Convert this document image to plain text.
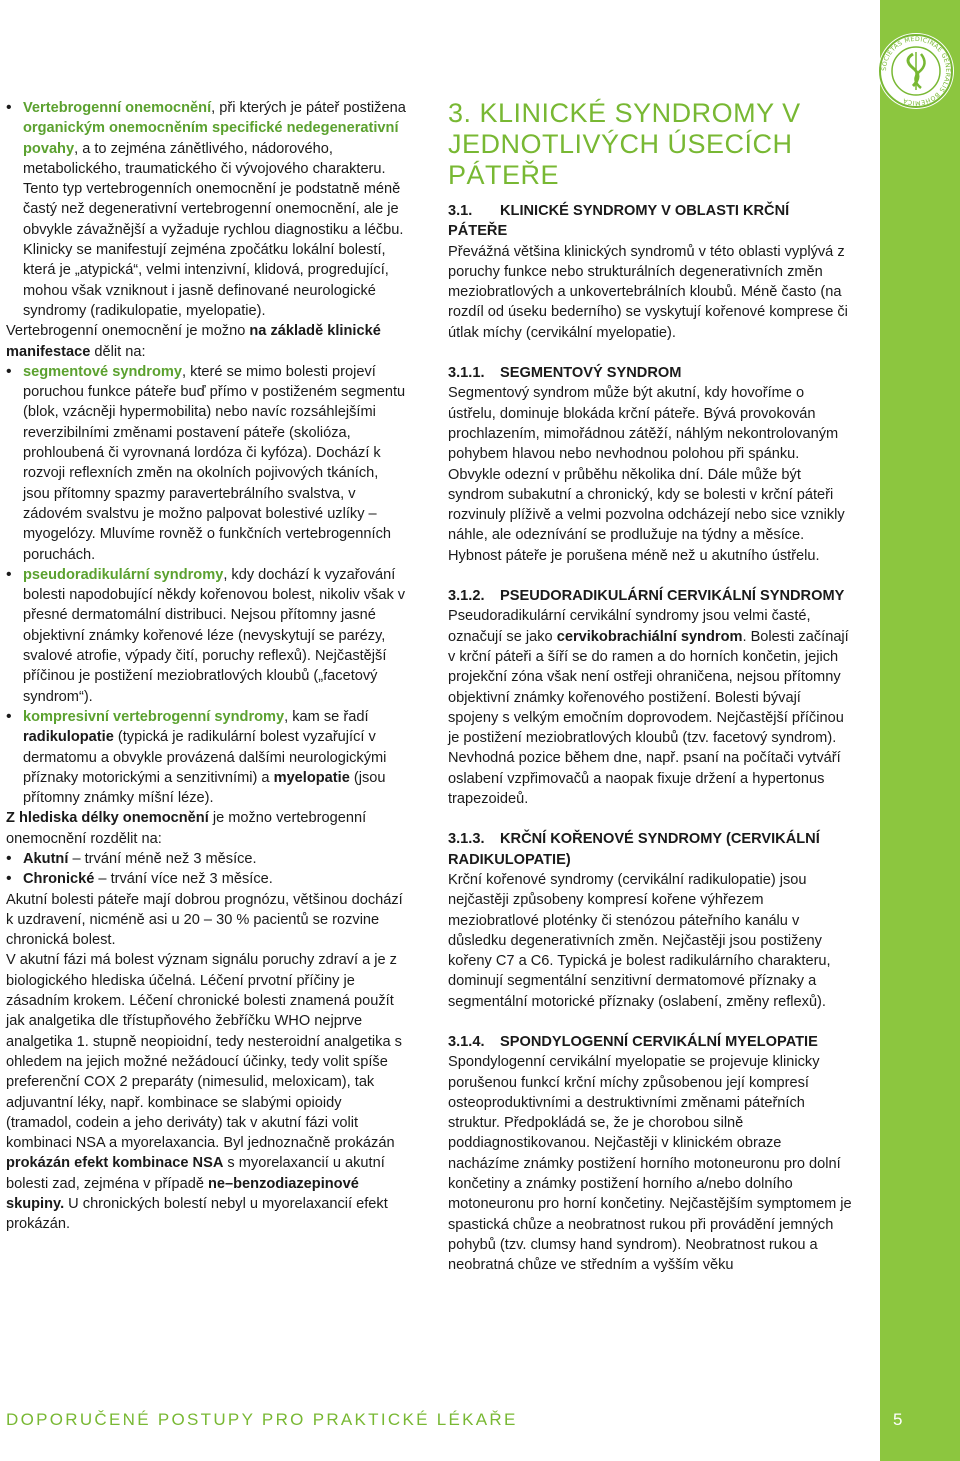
SOCIETAS MEDICINAE GENERALIS BOHEMICA

• Vertebrogenní onemocnění, při kterých je páteř postižena organickým onemocněním specifické nedegenerativní povahy, a to zejména zánětlivého, nádorového, metabolického, traumatického či vývojového charakteru. Tento typ vertebrogenních onemocnění je podstatně méně častý než degenerativní vertebrogenní onemocnění, ale je obvykle závažnější a vyžaduje rychlou diagnostiku a léčbu. Klinicky se manifestují zejména zpočátku lokální bolestí, která je „atypická“, velmi intenzivní, klidová, progredující, mohou však vzniknout i jasně definované neurologické syndromy (radikulopatie, myelopatie).

Vertebrogenní onemocnění je možno na základě klinické manifestace dělit na:

• segmentové syndromy, které se mimo bolesti projeví poruchou funkce páteře buď přímo v postiženém segmentu (blok, vzácněji hypermobilita) nebo navíc rozsáhlejšími reverzibilními změnami postavení páteře (skolióza, prohloubená či vyrovnaná lordóza či kyfóza). Dochází k rozvoji reflexních změn na okolních pojivových tkáních, jsou přítomny spazmy paravertebrálního svalstva, v zádovém svalstvu je možno palpovat bolestivé uzlíky – myogelózy. Mluvíme rovněž o funkčních vertebrogenních poruchách.

• pseudoradikulární syndromy, kdy dochází k vyzařování bolesti napodobující někdy kořenovou bolest, nikoliv však v přesné dermatomální distribuci. Nejsou přítomny jasné objektivní známky kořenové léze (nevyskytují se parézy, svalové atrofie, výpady čití, poruchy reflexů). Nejčastější příčinou je postižení meziobratlových kloubů („facetový syndrom“).

• kompresivní vertebrogenní syndromy, kam se řadí radikulopatie (typická je radikulární bolest vyzařující v dermatomu a obvykle provázená dalšími neurologickými příznaky motorickými a senzitivními) a myelopatie (jsou přítomny známky míšní léze).

Z hlediska délky onemocnění je možno vertebrogenní onemocnění rozdělit na:

• Akutní – trvání méně než 3 měsíce.

• Chronické – trvání více než 3 měsíce.

Akutní bolesti páteře mají dobrou prognózu, většinou dochází k uzdravení, nicméně asi u 20 – 30 % pacientů se rozvine chronická bolest.

V akutní fázi má bolest význam signálu poruchy zdraví a je z biologického hlediska účelná. Léčení prvotní příčiny je zásadním krokem. Léčení chronické bolesti znamená použít jak analgetika dle třístupňového žebříčku WHO nejprve analgetika 1. stupně neopioidní, tedy nesteroidní analgetika s ohledem na jejich možné nežádoucí účinky, tedy volit spíše preferenční COX 2 preparáty (nimesulid, meloxicam), tak adjuvantní léky, např. kombinace se slabými opioidy (tramadol, codein a jeho deriváty) tak v akutní fázi volit kombinaci NSA a myorelaxancia. Byl jednoznačně prokázán prokázán efekt kombinace NSA s myorelaxancií u akutní bolesti zad, zejména v případě ne–benzodiazepinové skupiny. U chronických bolestí nebyl u myorelaxancií efekt prokázán.

3. KLINICKÉ SYNDROMY V JEDNOTLIVÝCH ÚSECÍCH PÁTEŘE
3.1. KLINICKÉ SYNDROMY V OBLASTI KRČNÍ PÁTEŘE

Převážná většina klinických syndromů v této oblasti vyplývá z poruchy funkce nebo strukturálních degenerativních změn meziobratlových a unkovertebrálních kloubů. Méně často (na rozdíl od úseku bederního) se vyskytují kořenové komprese či útlak míchy (cervikální myelopatie).

3.1.1. SEGMENTOVÝ SYNDROM

Segmentový syndrom může být akutní, kdy hovoříme o ústřelu, dominuje blokáda krční páteře. Bývá provokován prochlazením, mimořádnou zátěží, náhlým nekontrolovaným pohybem hlavou nebo nevhodnou polohou při spánku. Obvykle odezní v průběhu několika dní. Dále může být syndrom subakutní a chronický, kdy se bolesti v krční páteři rozvinuly plíživě a velmi pozvolna odcházejí nebo sice vznikly náhle, ale odeznívání se prodlužuje na týdny a měsíce. Hybnost páteře je porušena méně než u akutního ústřelu.

3.1.2. PSEUDORADIKULÁRNÍ CERVIKÁLNÍ SYNDROMY

Pseudoradikulární cervikální syndromy jsou velmi časté, označují se jako cervikobrachiální syndrom. Bolesti začínají v krční páteři a šíří se do ramen a do horních končetin, jejich projekční zóna však není ostřeji ohraničena, nejsou přítomny objektivní známky kořenového postižení. Bolesti bývají spojeny s velkým emočním doprovodem. Nejčastější příčinou je postižení meziobratlových kloubů (tzv. facetový syndrom). Nevhodná pozice během dne, např. psaní na počítači vytváří oslabení vzpřimovačů a naopak fixuje držení a hypertonus trapezoideů.

3.1.3. KRČNÍ KOŘENOVÉ SYNDROMY (CERVIKÁLNÍ RADIKULOPATIE)

Krční kořenové syndromy (cervikální radikulopatie) jsou nejčastěji způsobeny kompresí kořene výhřezem meziobratlové ploténky či stenózou páteřního kanálu v důsledku degenerativních změn. Nejčastěji jsou postiženy kořeny C7 a C6. Typická je bolest radikulárního charakteru, dominují segmentální senzitivní dermatomové příznaky a segmentální motorické příznaky (oslabení, změny reflexů).

3.1.4. SPONDYLOGENNÍ CERVIKÁLNÍ MYELOPATIE

Spondylogenní cervikální myelopatie se projevuje klinicky porušenou funkcí krční míchy způsobenou její kompresí osteoproduktivními a destruktivními změnami páteřních struktur. Předpokládá se, že je chorobou silně poddiagnostikovanou. Nejčastěji v klinickém obraze nacházíme známky postižení horního motoneuronu pro dolní končetiny a známky postižení horního a/nebo dolního motoneuronu pro horní končetiny. Nejčastějším symptomem je spastická chůze a neobratnost rukou při provádění jemných pohybů (tzv. clumsy hand syndrom). Neobratnost rukou a neobratná chůze ve středním a vyšším věku

DOPORUČENÉ POSTUPY PRO PRAKTICKÉ LÉKAŘE	5
